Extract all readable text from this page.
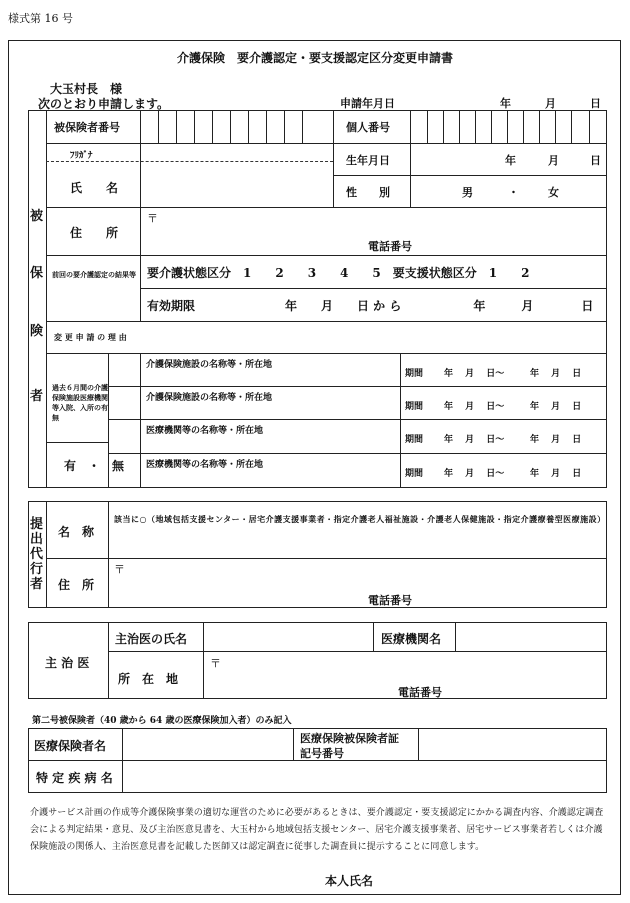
様式第 16 号
介護保険　要介護認定・要支援認定区分変更申請書
大玉村長　様
次のとおり申請します。	申請年月日	年	月	日
被
保
険
者
被保険者番号	個人番号
ﾌﾘｶﾞﾅ
氏　　名
生年月日	年	月	日
性　　別	男	・	女
住　　所
〒
電話番号
前回の要介護認定の結果等 要介護状態区分　1　　2　　3　　4　　5　要支援状態区分　1　　2
有効期限	年　　月　　日 か ら　　　　　　年　　　月　　　　日
変 更 申 請 の 理 由
過去６月間の介護保険施設医療機関等入院、入所の有無
有　・　無
介護保険施設の名称等・所在地
期間 年　 月　 日〜	年　 月　 日
介護保険施設の名称等・所在地
期間 年　 月　 日〜	年　 月　 日
医療機関等の名称等・所在地
期間 年　 月　 日〜	年　 月　 日
医療機関等の名称等・所在地
期間 年　 月　 日〜	年　 月　 日
提
出
代
行
者
名　称
該当に○（地域包括支援センター・居宅介護支援事業者・指定介護老人福祉施設・介護老人保健施設・指定介護療養型医療施設）
住　所
〒
電話番号
主 治 医
主治医の氏名	医療機関名
所　在　地
〒
電話番号
第二号被保険者（40 歳から 64 歳の医療保険加入者）のみ記入
医療保険者名
医療保険被保険者証
記号番号
特 定 疾 病 名
介護サービス計画の作成等介護保険事業の適切な運営のために必要があるときは、要介護認定・要支援認定にかかる調査内容、介護認定調査会による判定結果・意見、及び主治医意見書を、大玉村から地域包括支援センター、居宅介護支援事業者、居宅サービス事業者若しくは介護保険施設の関係人、主治医意見書を記載した医師又は認定調査に従事した調査員に提示することに同意します。
本人氏名
